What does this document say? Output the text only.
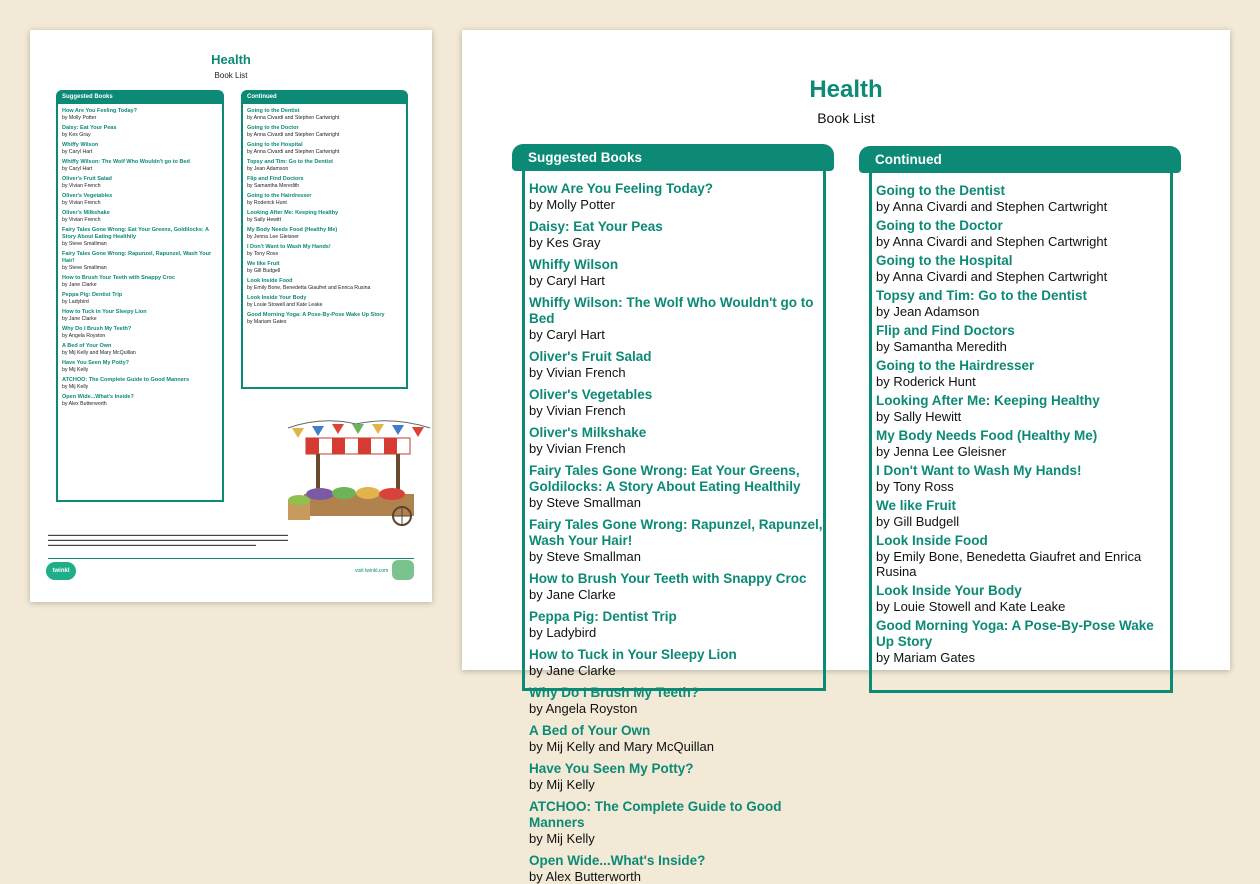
Health
Book List
Suggested Books
How Are You Feeling Today?
by Molly Potter
Daisy: Eat Your Peas
by Kes Gray
Whiffy Wilson
by Caryl Hart
Whiffy Wilson: The Wolf Who Wouldn't go to Bed
by Caryl Hart
Oliver's Fruit Salad
by Vivian French
Oliver's Vegetables
by Vivian French
Oliver's Milkshake
by Vivian French
Fairy Tales Gone Wrong: Eat Your Greens, Goldilocks: A Story About Eating Healthily
by Steve Smallman
Fairy Tales Gone Wrong: Rapunzel, Rapunzel, Wash Your Hair!
by Steve Smallman
How to Brush Your Teeth with Snappy Croc
by Jane Clarke
Peppa Pig: Dentist Trip
by Ladybird
How to Tuck in Your Sleepy Lion
by Jane Clarke
Why Do I Brush My Teeth?
by Angela Royston
A Bed of Your Own
by Mij Kelly and Mary McQuillan
Have You Seen My Potty?
by Mij Kelly
ATCHOO: The Complete Guide to Good Manners
by Mij Kelly
Open Wide...What's Inside?
by Alex Butterworth
Continued
Going to the Dentist
by Anna Civardi and Stephen Cartwright
Going to the Doctor
by Anna Civardi and Stephen Cartwright
Going to the Hospital
by Anna Civardi and Stephen Cartwright
Topsy and Tim: Go to the Dentist
by Jean Adamson
Flip and Find Doctors
by Samantha Meredith
Going to the Hairdresser
by Roderick Hunt
Looking After Me: Keeping Healthy
by Sally Hewitt
My Body Needs Food (Healthy Me)
by Jenna Lee Gleisner
I Don't Want to Wash My Hands!
by Tony Ross
We like Fruit
by Gill Budgell
Look Inside Food
by Emily Bone, Benedetta Giaufret and Enrica Rusina
Look Inside Your Body
by Louie Stowell and Kate Leake
Good Morning Yoga: A Pose-By-Pose Wake Up Story
by Mariam Gates
▬▬▬▬▬▬▬▬▬▬▬▬▬▬▬▬▬▬▬▬▬▬▬▬▬▬▬▬▬▬▬▬▬▬▬▬▬▬▬▬▬▬▬▬▬▬▬▬▬▬▬▬▬▬▬▬▬▬▬▬
▬▬▬▬▬▬▬▬▬▬▬▬▬▬▬▬▬▬▬▬▬▬▬▬▬▬▬▬▬▬▬▬▬▬▬▬▬▬▬▬▬▬▬▬▬▬▬▬▬▬▬▬▬▬▬▬▬▬▬▬
▬▬▬▬▬▬▬▬▬▬▬▬▬▬▬▬▬▬▬▬▬▬▬▬▬▬▬▬▬▬▬▬▬▬▬▬▬▬▬▬▬▬▬▬▬▬▬▬▬▬▬▬
twinkl	visit twinkl.com
Health
Book List
Suggested Books
How Are You Feeling Today?
by Molly Potter
Daisy: Eat Your Peas
by Kes Gray
Whiffy Wilson
by Caryl Hart
Whiffy Wilson: The Wolf Who Wouldn't go to Bed
by Caryl Hart
Oliver's Fruit Salad
by Vivian French
Oliver's Vegetables
by Vivian French
Oliver's Milkshake
by Vivian French
Fairy Tales Gone Wrong: Eat Your Greens, Goldilocks: A Story About Eating Healthily
by Steve Smallman
Fairy Tales Gone Wrong: Rapunzel, Rapunzel, Wash Your Hair!
by Steve Smallman
How to Brush Your Teeth with Snappy Croc
by Jane Clarke
Peppa Pig: Dentist Trip
by Ladybird
How to Tuck in Your Sleepy Lion
by Jane Clarke
Why Do I Brush My Teeth?
by Angela Royston
A Bed of Your Own
by Mij Kelly and Mary McQuillan
Have You Seen My Potty?
by Mij Kelly
ATCHOO: The Complete Guide to Good Manners
by Mij Kelly
Open Wide...What's Inside?
by Alex Butterworth
Continued
Going to the Dentist
by Anna Civardi and Stephen Cartwright
Going to the Doctor
by Anna Civardi and Stephen Cartwright
Going to the Hospital
by Anna Civardi and Stephen Cartwright
Topsy and Tim: Go to the Dentist
by Jean Adamson
Flip and Find Doctors
by Samantha Meredith
Going to the Hairdresser
by Roderick Hunt
Looking After Me: Keeping Healthy
by Sally Hewitt
My Body Needs Food (Healthy Me)
by Jenna Lee Gleisner
I Don't Want to Wash My Hands!
by Tony Ross
We like Fruit
by Gill Budgell
Look Inside Food
by Emily Bone, Benedetta Giaufret and Enrica Rusina
Look Inside Your Body
by Louie Stowell and Kate Leake
Good Morning Yoga: A Pose-By-Pose Wake Up Story
by Mariam Gates
